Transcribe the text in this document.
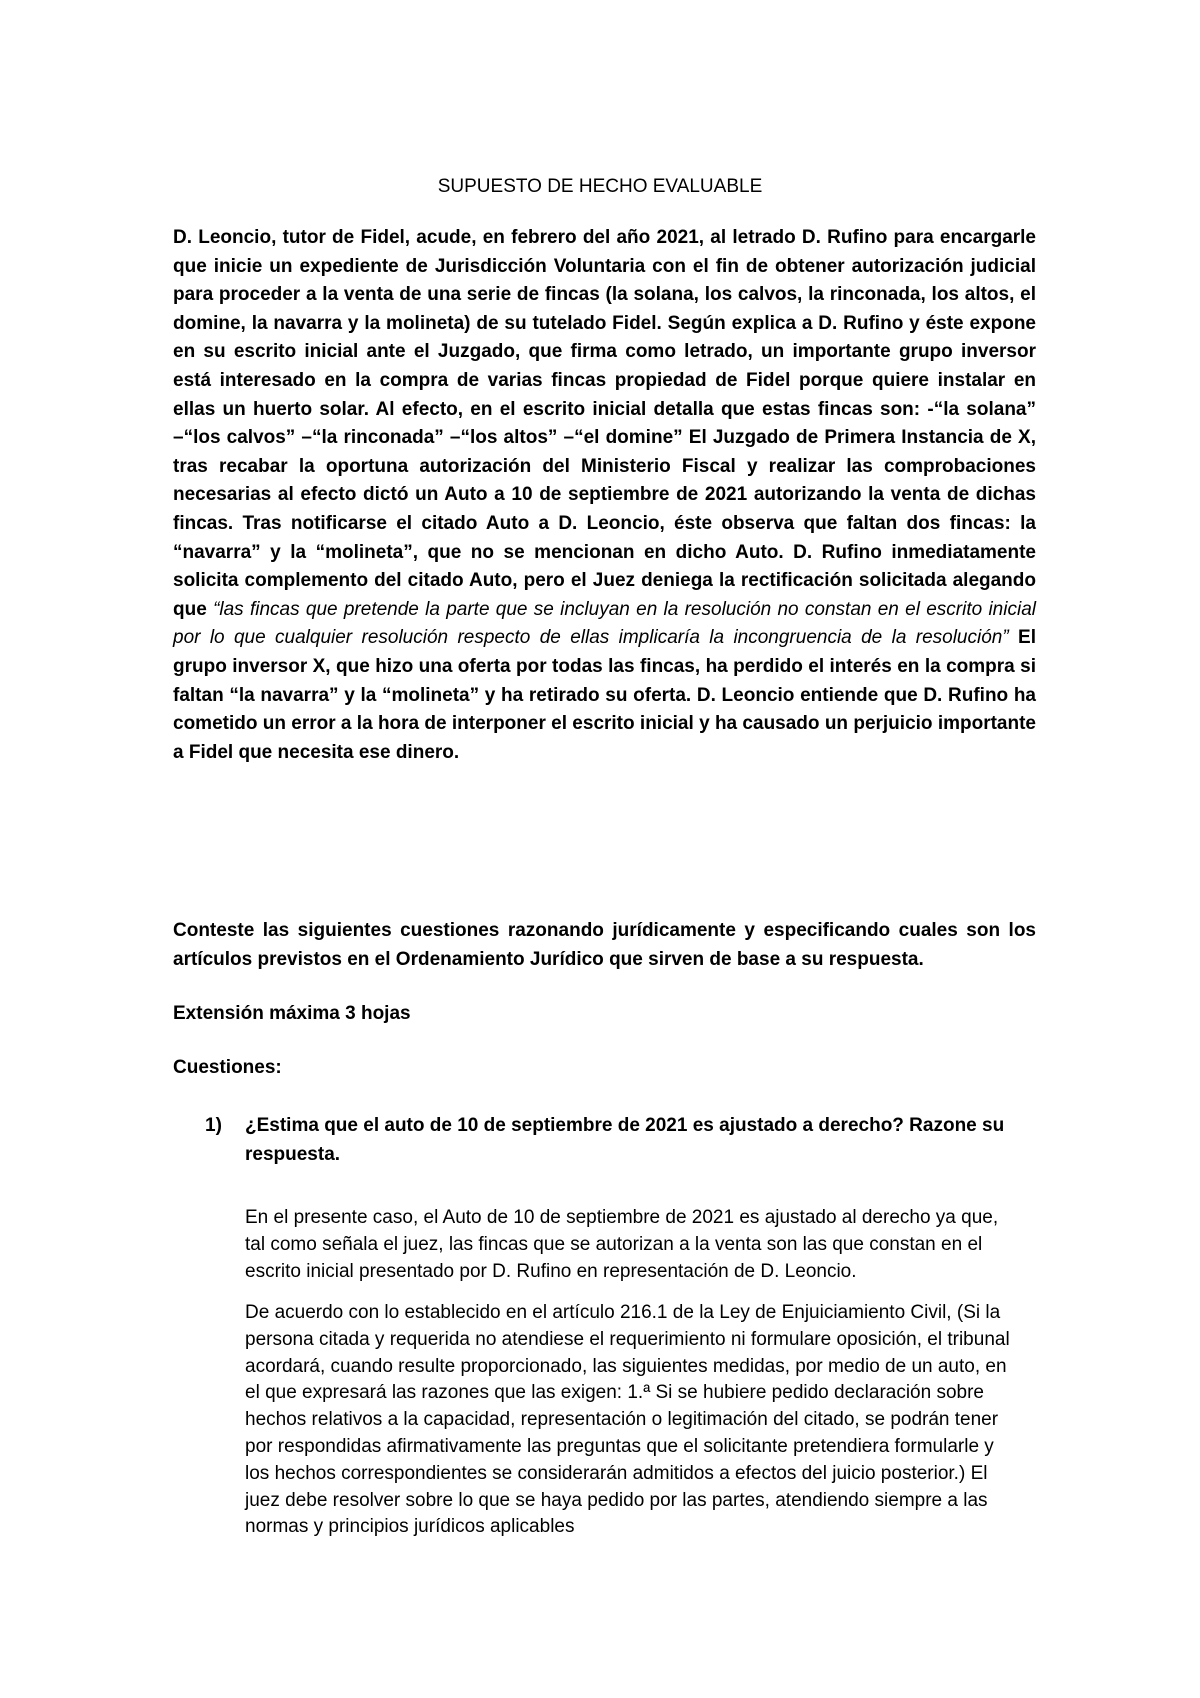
SUPUESTO DE HECHO EVALUABLE

D. Leoncio, tutor de Fidel, acude, en febrero del año 2021, al letrado D. Rufino para encargarle que inicie un expediente de Jurisdicción Voluntaria con el fin de obtener autorización judicial para proceder a la venta de una serie de fincas (la solana, los calvos, la rinconada, los altos, el domine, la navarra y la molineta) de su tutelado Fidel. Según explica a D. Rufino y éste expone en su escrito inicial ante el Juzgado, que firma como letrado, un importante grupo inversor está interesado en la compra de varias fincas propiedad de Fidel porque quiere instalar en ellas un huerto solar. Al efecto, en el escrito inicial detalla que estas fincas son: -“la solana” –“los calvos” –“la rinconada” –“los altos” –“el domine” El Juzgado de Primera Instancia de X, tras recabar la oportuna autorización del Ministerio Fiscal y realizar las comprobaciones necesarias al efecto dictó un Auto a 10 de septiembre de 2021 autorizando la venta de dichas fincas. Tras notificarse el citado Auto a D. Leoncio, éste observa que faltan dos fincas: la “navarra” y la “molineta”, que no se mencionan en dicho Auto. D. Rufino inmediatamente solicita complemento del citado Auto, pero el Juez deniega la rectificación solicitada alegando que “las fincas que pretende la parte que se incluyan en la resolución no constan en el escrito inicial por lo que cualquier resolución respecto de ellas implicaría la incongruencia de la resolución” El grupo inversor X, que hizo una oferta por todas las fincas, ha perdido el interés en la compra si faltan “la navarra” y la “molineta” y ha retirado su oferta. D. Leoncio entiende que D. Rufino ha cometido un error a la hora de interponer el escrito inicial y ha causado un perjuicio importante a Fidel que necesita ese dinero.

Conteste las siguientes cuestiones razonando jurídicamente y especificando cuales son los artículos previstos en el Ordenamiento Jurídico que sirven de base a su respuesta.

Extensión máxima 3 hojas

Cuestiones:

1) ¿Estima que el auto de 10 de septiembre de 2021 es ajustado a derecho? Razone su respuesta.

En el presente caso, el Auto de 10 de septiembre de 2021 es ajustado al derecho ya que, tal como señala el juez, las fincas que se autorizan a la venta son las que constan en el escrito inicial presentado por D. Rufino en representación de D. Leoncio.

De acuerdo con lo establecido en el artículo 216.1 de la Ley de Enjuiciamiento Civil, (Si la persona citada y requerida no atendiese el requerimiento ni formulare oposición, el tribunal acordará, cuando resulte proporcionado, las siguientes medidas, por medio de un auto, en el que expresará las razones que las exigen: 1.ª Si se hubiere pedido declaración sobre hechos relativos a la capacidad, representación o legitimación del citado, se podrán tener por respondidas afirmativamente las preguntas que el solicitante pretendiera formularle y los hechos correspondientes se considerarán admitidos a efectos del juicio posterior.) El juez debe resolver sobre lo que se haya pedido por las partes, atendiendo siempre a las normas y principios jurídicos aplicables
